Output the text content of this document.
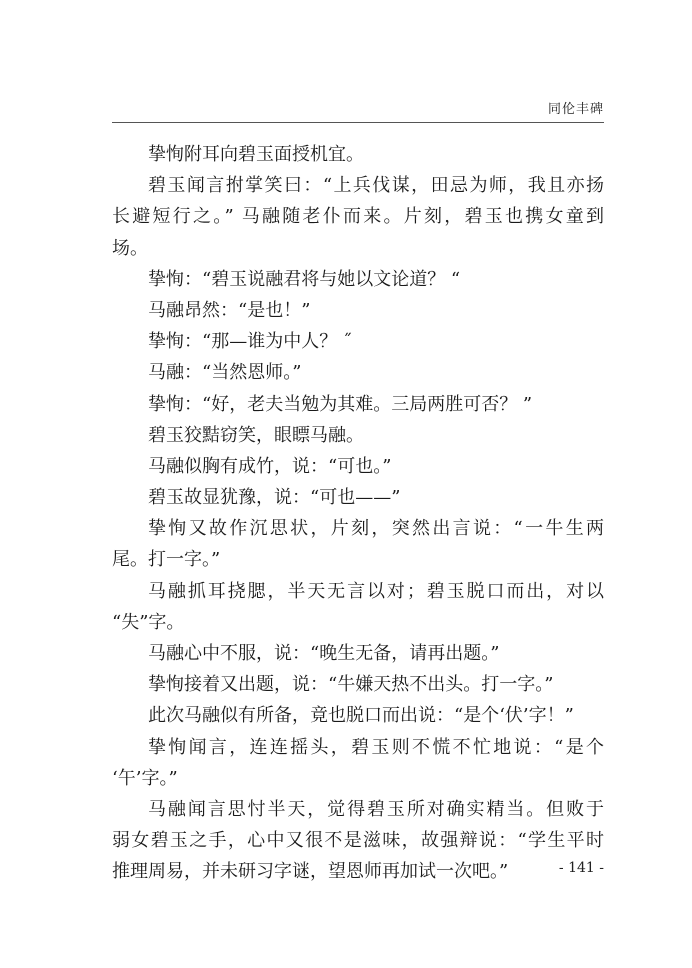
同伦丰碑
挚恂附耳向碧玉面授机宜。
碧玉闻言拊掌笑曰：“上兵伐谋，田忌为师，我且亦扬
长避短行之。” 马融随老仆而来。片刻，碧玉也携女童到
场。
挚恂：“碧玉说融君将与她以文论道？ “
马融昂然：“是也！”
挚恂：“那—谁为中人？ ˝
马融：“当然恩师。”
挚恂：“好，老夫当勉为其难。三局两胜可否？ ”
碧玉狡黠窃笑，眼瞟马融。
马融似胸有成竹，说：“可也。”
碧玉故显犹豫，说：“可也——”
挚恂又故作沉思状，片刻，突然出言说：“一牛生两
尾。打一字。”
马融抓耳挠腮，半天无言以对；碧玉脱口而出，对以
“失”字。
马融心中不服，说：“晚生无备，请再出题。”
挚恂接着又出题，说：“牛嫌天热不出头。打一字。”
此次马融似有所备，竟也脱口而出说：“是个‘伏’字！”
挚恂闻言，连连摇头，碧玉则不慌不忙地说：“是个
‘午’字。”
马融闻言思忖半天，觉得碧玉所对确实精当。但败于
弱女碧玉之手，心中又很不是滋味，故强辩说：“学生平时
推理周易，并未研习字谜，望恩师再加试一次吧。”	- 141 -
